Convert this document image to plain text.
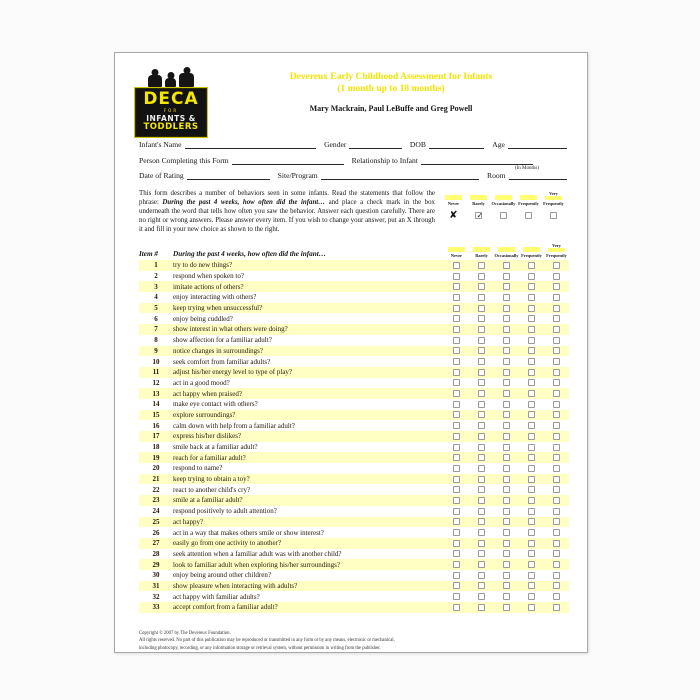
DECA
FOR
INFANTS &
TODDLERS
Devereux Early Childhood Assessment for Infants
(1 month up to 18 months)
Mary Mackrain, Paul LeBuffe and Greg Powell
Infant's Name	Gender	DOB	Age
Person Completing this Form	Relationship to Infant
(In Months)
Date of Rating	Site/Program	Room
This form describes a number of behaviors seen in some infants. Read the statements that follow the phrase: During the past 4 weeks, how often did the infant… and place a check mark in the box underneath the word that tells how often you saw the behavior. Answer each question carefully. There are no right or wrong answers. Please answer every item. If you wish to change your answer, put an X through it and fill in your new choice as shown to the right.
Never	Rarely Occasionally Frequently
Very
Frequently
✘
✓
Item #	During the past 4 weeks, how often did the infant…	Never	Rarely Occasionally Frequently
Very
Frequently
1	try to do new things?
2	respond when spoken to?
3	imitate actions of others?
4	enjoy interacting with others?
5	keep trying when unsuccessful?
6	enjoy being cuddled?
7	show interest in what others were doing?
8	show affection for a familiar adult?
9	notice changes in surroundings?
10	seek comfort from familiar adults?
11	adjust his/her energy level to type of play?
12	act in a good mood?
13	act happy when praised?
14	make eye contact with others?
15	explore surroundings?
16	calm down with help from a familiar adult?
17	express his/her dislikes?
18	smile back at a familiar adult?
19	reach for a familiar adult?
20	respond to name?
21	keep trying to obtain a toy?
22	react to another child's cry?
23	smile at a familiar adult?
24	respond positively to adult attention?
25	act happy?
26	act in a way that makes others smile or show interest?
27	easily go from one activity to another?
28	seek attention when a familiar adult was with another child?
29	look to familiar adult when exploring his/her surroundings?
30	enjoy being around other children?
31	show pleasure when interacting with adults?
32	act happy with familiar adults?
33	accept comfort from a familiar adult?
Copyright © 2007 by The Devereux Foundation.
All rights reserved. No part of this publication may be reproduced or transmitted in any form or by any means, electronic or mechanical,
including photocopy, recording, or any information storage or retrieval system, without permission in writing from the publisher.
